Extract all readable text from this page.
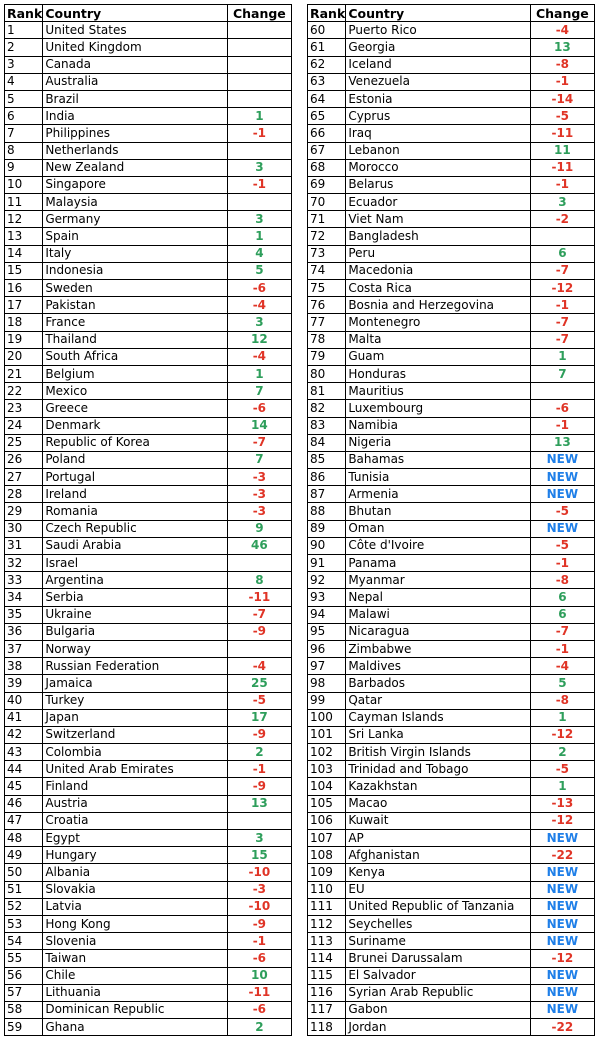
Rank	Country	Change
1	United States	
2	United Kingdom	
3	Canada	
4	Australia	
5	Brazil	
6	India	1
7	Philippines	-1
8	Netherlands	
9	New Zealand	3
10	Singapore	-1
11	Malaysia	
12	Germany	3
13	Spain	1
14	Italy	4
15	Indonesia	5
16	Sweden	-6
17	Pakistan	-4
18	France	3
19	Thailand	12
20	South Africa	-4
21	Belgium	1
22	Mexico	7
23	Greece	-6
24	Denmark	14
25	Republic of Korea	-7
26	Poland	7
27	Portugal	-3
28	Ireland	-3
29	Romania	-3
30	Czech Republic	9
31	Saudi Arabia	46
32	Israel	
33	Argentina	8
34	Serbia	-11
35	Ukraine	-7
36	Bulgaria	-9
37	Norway	
38	Russian Federation	-4
39	Jamaica	25
40	Turkey	-5
41	Japan	17
42	Switzerland	-9
43	Colombia	2
44	United Arab Emirates	-1
45	Finland	-9
46	Austria	13
47	Croatia	
48	Egypt	3
49	Hungary	15
50	Albania	-10
51	Slovakia	-3
52	Latvia	-10
53	Hong Kong	-9
54	Slovenia	-1
55	Taiwan	-6
56	Chile	10
57	Lithuania	-11
58	Dominican Republic	-6
59	Ghana	2
Rank	Country	Change
60	Puerto Rico	-4
61	Georgia	13
62	Iceland	-8
63	Venezuela	-1
64	Estonia	-14
65	Cyprus	-5
66	Iraq	-11
67	Lebanon	11
68	Morocco	-11
69	Belarus	-1
70	Ecuador	3
71	Viet Nam	-2
72	Bangladesh	
73	Peru	6
74	Macedonia	-7
75	Costa Rica	-12
76	Bosnia and Herzegovina	-1
77	Montenegro	-7
78	Malta	-7
79	Guam	1
80	Honduras	7
81	Mauritius	
82	Luxembourg	-6
83	Namibia	-1
84	Nigeria	13
85	Bahamas	NEW
86	Tunisia	NEW
87	Armenia	NEW
88	Bhutan	-5
89	Oman	NEW
90	Côte d'Ivoire	-5
91	Panama	-1
92	Myanmar	-8
93	Nepal	6
94	Malawi	6
95	Nicaragua	-7
96	Zimbabwe	-1
97	Maldives	-4
98	Barbados	5
99	Qatar	-8
100	Cayman Islands	1
101	Sri Lanka	-12
102	British Virgin Islands	2
103	Trinidad and Tobago	-5
104	Kazakhstan	1
105	Macao	-13
106	Kuwait	-12
107	AP	NEW
108	Afghanistan	-22
109	Kenya	NEW
110	EU	NEW
111	United Republic of Tanzania	NEW
112	Seychelles	NEW
113	Suriname	NEW
114	Brunei Darussalam	-12
115	El Salvador	NEW
116	Syrian Arab Republic	NEW
117	Gabon	NEW
118	Jordan	-22
